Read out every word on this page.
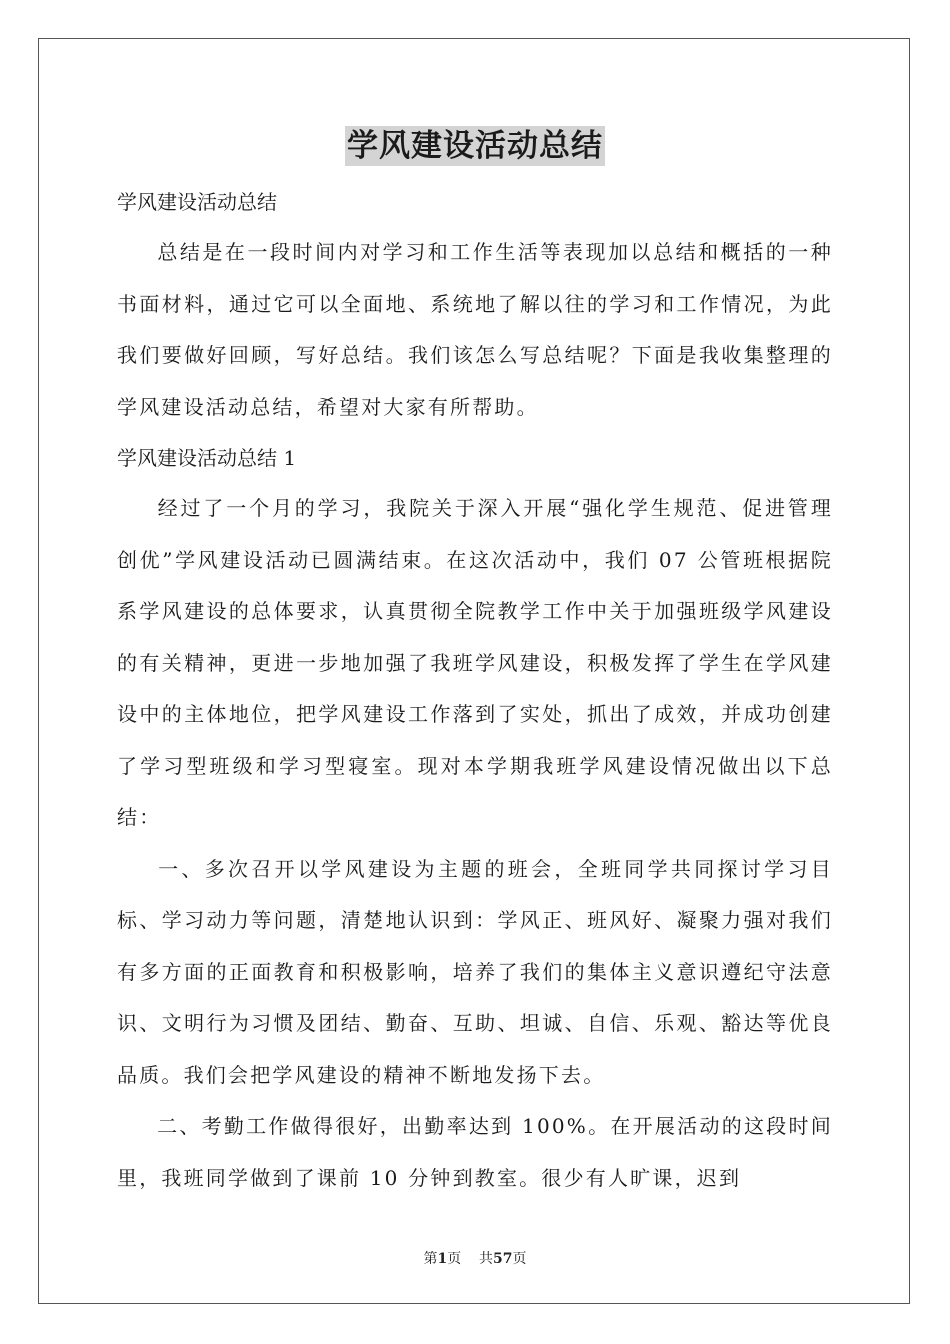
学风建设活动总结
学风建设活动总结
总结是在一段时间内对学习和工作生活等表现加以总结和概括的一种书面材料，通过它可以全面地、系统地了解以往的学习和工作情况，为此我们要做好回顾，写好总结。我们该怎么写总结呢？下面是我收集整理的学风建设活动总结，希望对大家有所帮助。
学风建设活动总结 1
经过了一个月的学习，我院关于深入开展“强化学生规范、促进管理创优”学风建设活动已圆满结束。在这次活动中，我们 07 公管班根据院系学风建设的总体要求，认真贯彻全院教学工作中关于加强班级学风建设的有关精神，更进一步地加强了我班学风建设，积极发挥了学生在学风建设中的主体地位，把学风建设工作落到了实处，抓出了成效，并成功创建了学习型班级和学习型寝室。现对本学期我班学风建设情况做出以下总结：
一、多次召开以学风建设为主题的班会，全班同学共同探讨学习目标、学习动力等问题，清楚地认识到：学风正、班风好、凝聚力强对我们有多方面的正面教育和积极影响，培养了我们的集体主义意识遵纪守法意识、文明行为习惯及团结、勤奋、互助、坦诚、自信、乐观、豁达等优良品质。我们会把学风建设的精神不断地发扬下去。
二、考勤工作做得很好，出勤率达到 100%。在开展活动的这段时间里，我班同学做到了课前 10 分钟到教室。很少有人旷课，迟到
第1页 共57页
